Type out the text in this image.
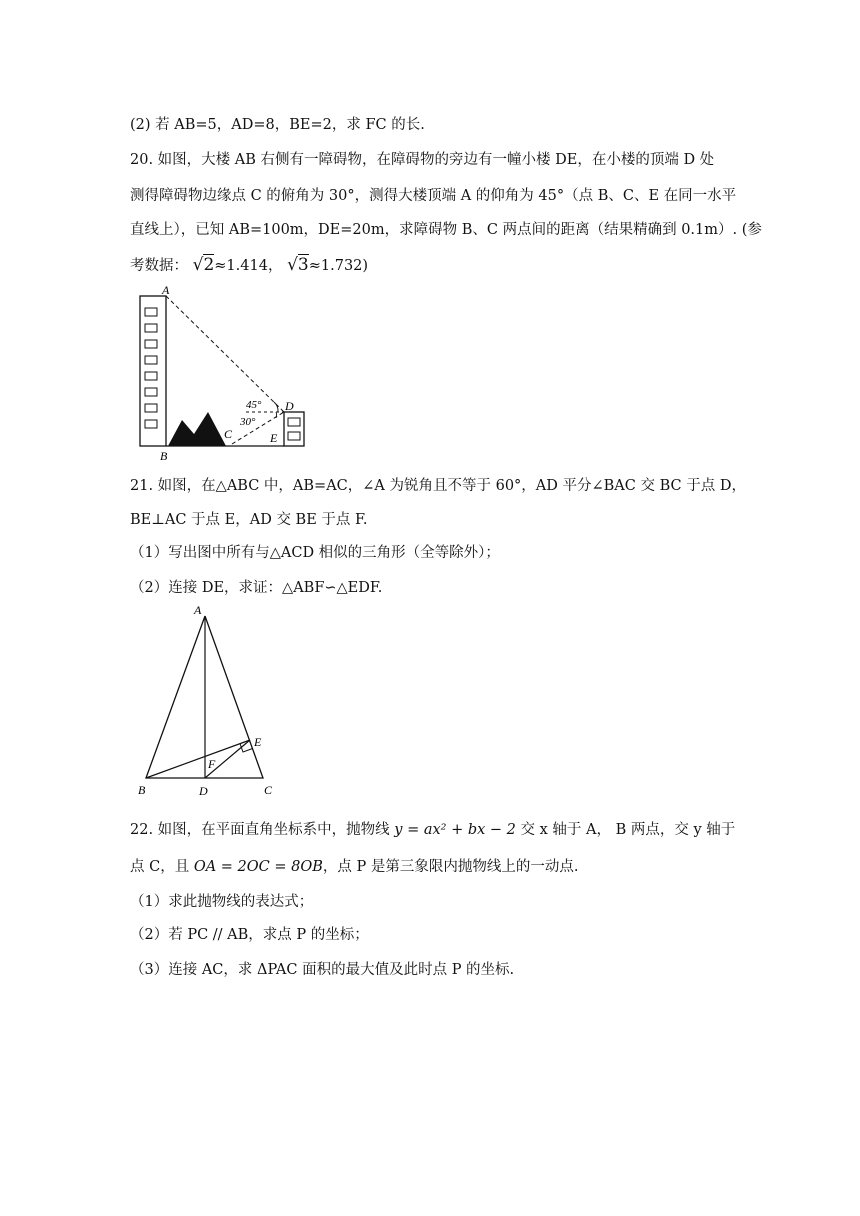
(2) 若 AB=5，AD=8，BE=2，求 FC 的长.
20. 如图，大楼 AB 右侧有一障碍物，在障碍物的旁边有一幢小楼 DE，在小楼的顶端 D 处
测得障碍物边缘点 C 的俯角为 30°，测得大楼顶端 A 的仰角为 45°（点 B、C、E 在同一水平
直线上），已知 AB=100m，DE=20m，求障碍物 B、C 两点间的距离（结果精确到 0.1m）. (参
考数据： √2≈1.414， √3≈1.732)
A
B
C
D
E
45°
30°
21. 如图，在△ABC 中，AB=AC，∠A 为锐角且不等于 60°，AD 平分∠BAC 交 BC 于点 D，
BE⊥AC 于点 E，AD 交 BE 于点 F.
（1）写出图中所有与△ACD 相似的三角形（全等除外）；
（2）连接 DE，求证：△ABF∽△EDF.
A
B	C
D
E
F
22. 如图，在平面直角坐标系中，抛物线 y = ax² + bx − 2 交 x 轴于 A， B 两点，交 y 轴于
点 C，且 OA = 2OC = 8OB，点 P 是第三象限内抛物线上的一动点.
（1）求此抛物线的表达式；
（2）若 PC // AB，求点 P 的坐标；
（3）连接 AC，求 ΔPAC 面积的最大值及此时点 P 的坐标.
